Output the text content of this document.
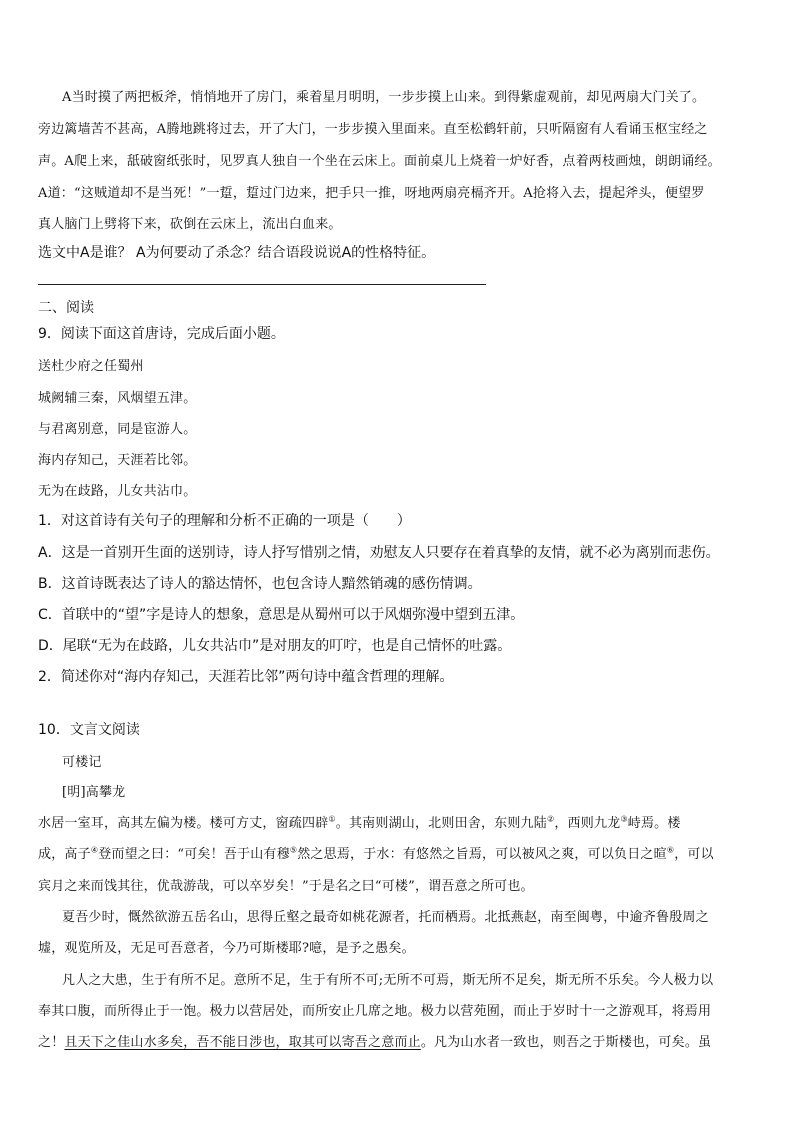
A当时摸了两把板斧，悄悄地开了房门，乘着星月明明，一步步摸上山来。到得紫虚观前，却见两扇大门关了。
旁边篱墙苦不甚高，A腾地跳将过去，开了大门，一步步摸入里面来。直至松鹤轩前，只听隔窗有人看诵玉枢宝经之
声。A爬上来，舐破窗纸张时，见罗真人独自一个坐在云床上。面前桌儿上烧着一炉好香，点着两枝画烛，朗朗诵经。
A道：“这贼道却不是当死！”一踅，踅过门边来，把手只一推，呀地两扇亮槅齐开。A抢将入去，提起斧头，便望罗
真人脑门上劈将下来，砍倒在云床上，流出白血来。
选文中A是谁？ A为何要动了杀念？结合语段说说A的性格特征。
二、阅读
9．阅读下面这首唐诗，完成后面小题。
送杜少府之任蜀州
城阙辅三秦，风烟望五津。
与君离别意，同是宦游人。
海内存知己，天涯若比邻。
无为在歧路，儿女共沾巾。
1．对这首诗有关句子的理解和分析不正确的一项是（　　）
A．这是一首别开生面的送别诗，诗人抒写惜别之情，劝慰友人只要存在着真挚的友情，就不必为离别而悲伤。
B．这首诗既表达了诗人的豁达情怀，也包含诗人黯然销魂的感伤情调。
C．首联中的“望”字是诗人的想象，意思是从蜀州可以于风烟弥漫中望到五津。
D．尾联“无为在歧路，儿女共沾巾”是对朋友的叮咛，也是自己情怀的吐露。
2．简述你对“海内存知己，天涯若比邻”两句诗中蕴含哲理的理解。
10．文言文阅读
可楼记
[明]高攀龙
水居一室耳，高其左偏为楼。楼可方丈，窗疏四辟①。其南则湖山，北则田舍，东则九陆②，西则九龙③峙焉。楼
成，高子④登而望之曰：“可矣！吾于山有穆⑤然之思焉，于水：有悠然之旨焉，可以被风之爽，可以负日之暄⑥，可以
宾月之来而饯其往，优哉游哉，可以卒岁矣！”于是名之曰“可楼”，谓吾意之所可也。
夏吾少时，慨然欲游五岳名山，思得丘壑之最奇如桃花源者，托而栖焉。北抵燕赵，南至闽粤，中逾齐鲁殷周之
墟，观览所及，无足可吾意者，今乃可斯楼耶?噫，是予之愚矣。
凡人之大患，生于有所不足。意所不足，生于有所不可;无所不可焉，斯无所不足矣，斯无所不乐矣。今人极力以
奉其口腹，而所得止于一饱。极力以营居处，而所安止几席之地。极力以营苑囿，而止于岁时十一之游观耳，将焉用
之！且天下之佳山水多矣，吾不能日涉也，取其可以寄吾之意而止。凡为山水者一致也，则吾之于斯楼也，可矣。虽
